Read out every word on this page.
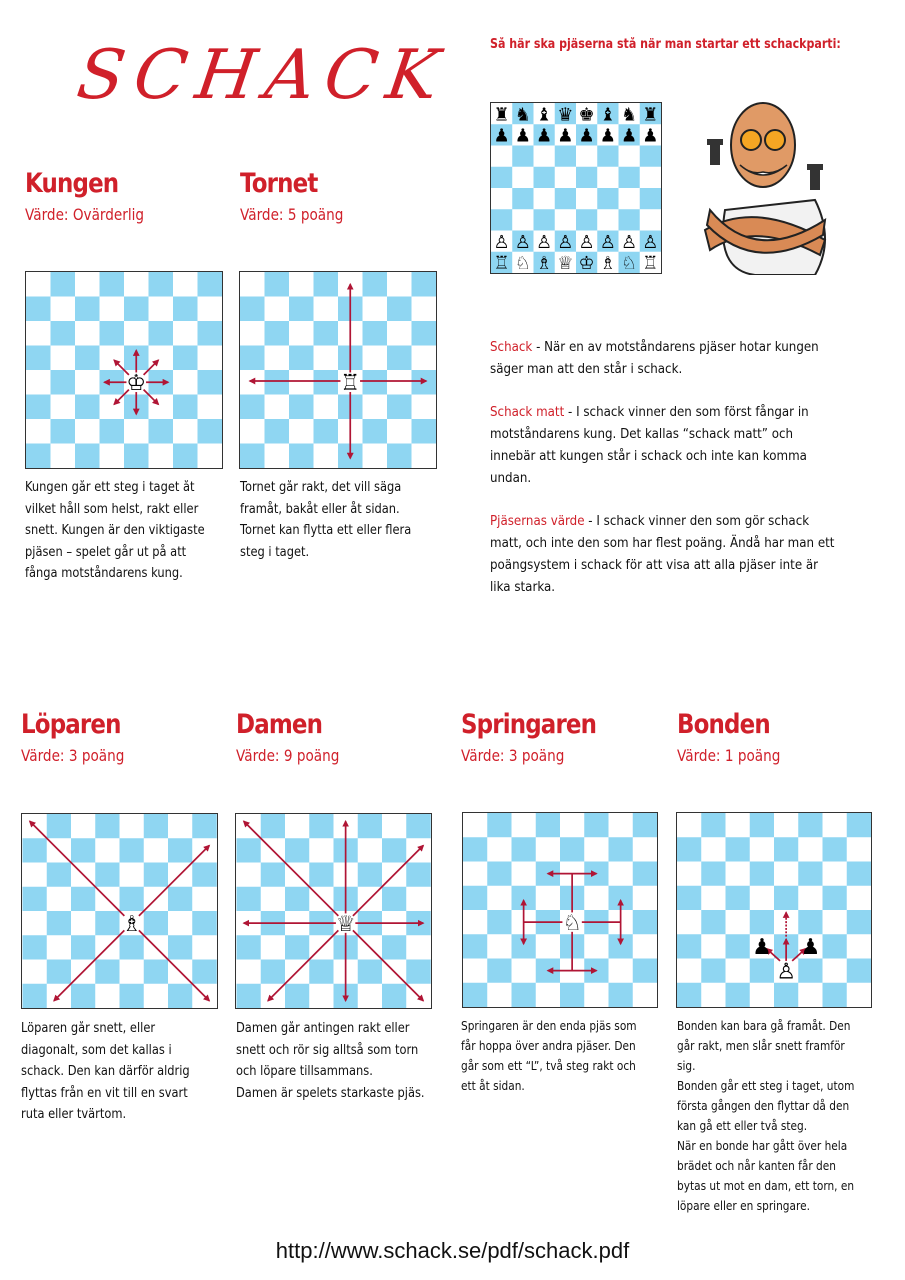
SCHACK	Så här ska pjäserna stå när man startar ett schackparti:

Schack - När en av motståndarens pjäser hotar kungen säger man att den står i schack.

Schack matt - I schack vinner den som först fångar in motståndarens kung. Det kallas “schack matt” och innebär att kungen står i schack och inte kan komma undan.

Pjäsernas värde - I schack vinner den som gör schack matt, och inte den som har flest poäng. Ändå har man ett poängsystem i schack för att visa att alla pjäser inte är lika starka.

Kungen
Värde: Ovärderlig

Kungen går ett steg i taget åt vilket håll som helst, rakt eller snett. Kungen är den viktigaste pjäsen – spelet går ut på att fånga motståndarens kung.

Tornet
Värde: 5 poäng

Tornet går rakt, det vill säga framåt, bakåt eller åt sidan. Tornet kan flytta ett eller flera steg i taget.

Löparen
Värde: 3 poäng

Löparen går snett, eller diagonalt, som det kallas i schack. Den kan därför aldrig flyttas från en vit till en svart ruta eller tvärtom.

Damen
Värde: 9 poäng

Damen går antingen rakt eller snett och rör sig alltså som torn och löpare tillsammans.

Damen är spelets starkaste pjäs.

Springaren
Värde: 3 poäng

Springaren är den enda pjäs som får hoppa över andra pjäser. Den går som ett “L”, två steg rakt och ett åt sidan.

Bonden
Värde: 1 poäng

Bonden kan bara gå framåt. Den går rakt, men slår snett framför sig.

Bonden går ett steg i taget, utom första gången den flyttar då den kan gå ett eller två steg.

När en bonde har gått över hela brädet och når kanten får den bytas ut mot en dam, ett torn, en löpare eller en springare.

http://www.schack.se/pdf/schack.pdf
